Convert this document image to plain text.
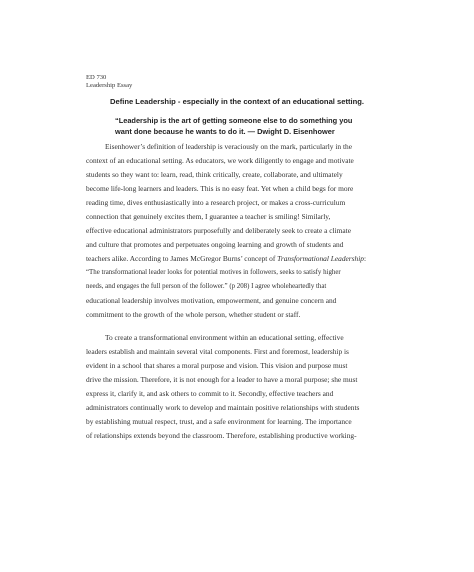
ED 730
Leadership Essay
Define Leadership - especially in the context of an educational setting.
“Leadership is the art of getting someone else to do something you
want done because he wants to do it. — Dwight D. Eisenhower
Eisenhower’s definition of leadership is veraciously on the mark, particularly in the
context of an educational setting. As educators, we work diligently to engage and motivate
students so they want to: learn, read, think critically, create, collaborate, and ultimately
become life-long learners and leaders. This is no easy feat. Yet when a child begs for more
reading time, dives enthusiastically into a research project, or makes a cross-curriculum
connection that genuinely excites them, I guarantee a teacher is smiling! Similarly,
effective educational administrators purposefully and deliberately seek to create a climate
and culture that promotes and perpetuates ongoing learning and growth of students and
teachers alike. According to James McGregor Burns’ concept of Transformational Leadership:
“The transformational leader looks for potential motives in followers, seeks to satisfy higher
needs, and engages the full person of the follower.” (p 208) I agree wholeheartedly that
educational leadership involves motivation, empowerment, and genuine concern and
commitment to the growth of the whole person, whether student or staff.
To create a transformational environment within an educational setting, effective
leaders establish and maintain several vital components. First and foremost, leadership is
evident in a school that shares a moral purpose and vision. This vision and purpose must
drive the mission. Therefore, it is not enough for a leader to have a moral purpose; she must
express it, clarify it, and ask others to commit to it. Secondly, effective teachers and
administrators continually work to develop and maintain positive relationships with students
by establishing mutual respect, trust, and a safe environment for learning. The importance
of relationships extends beyond the classroom. Therefore, establishing productive working-
